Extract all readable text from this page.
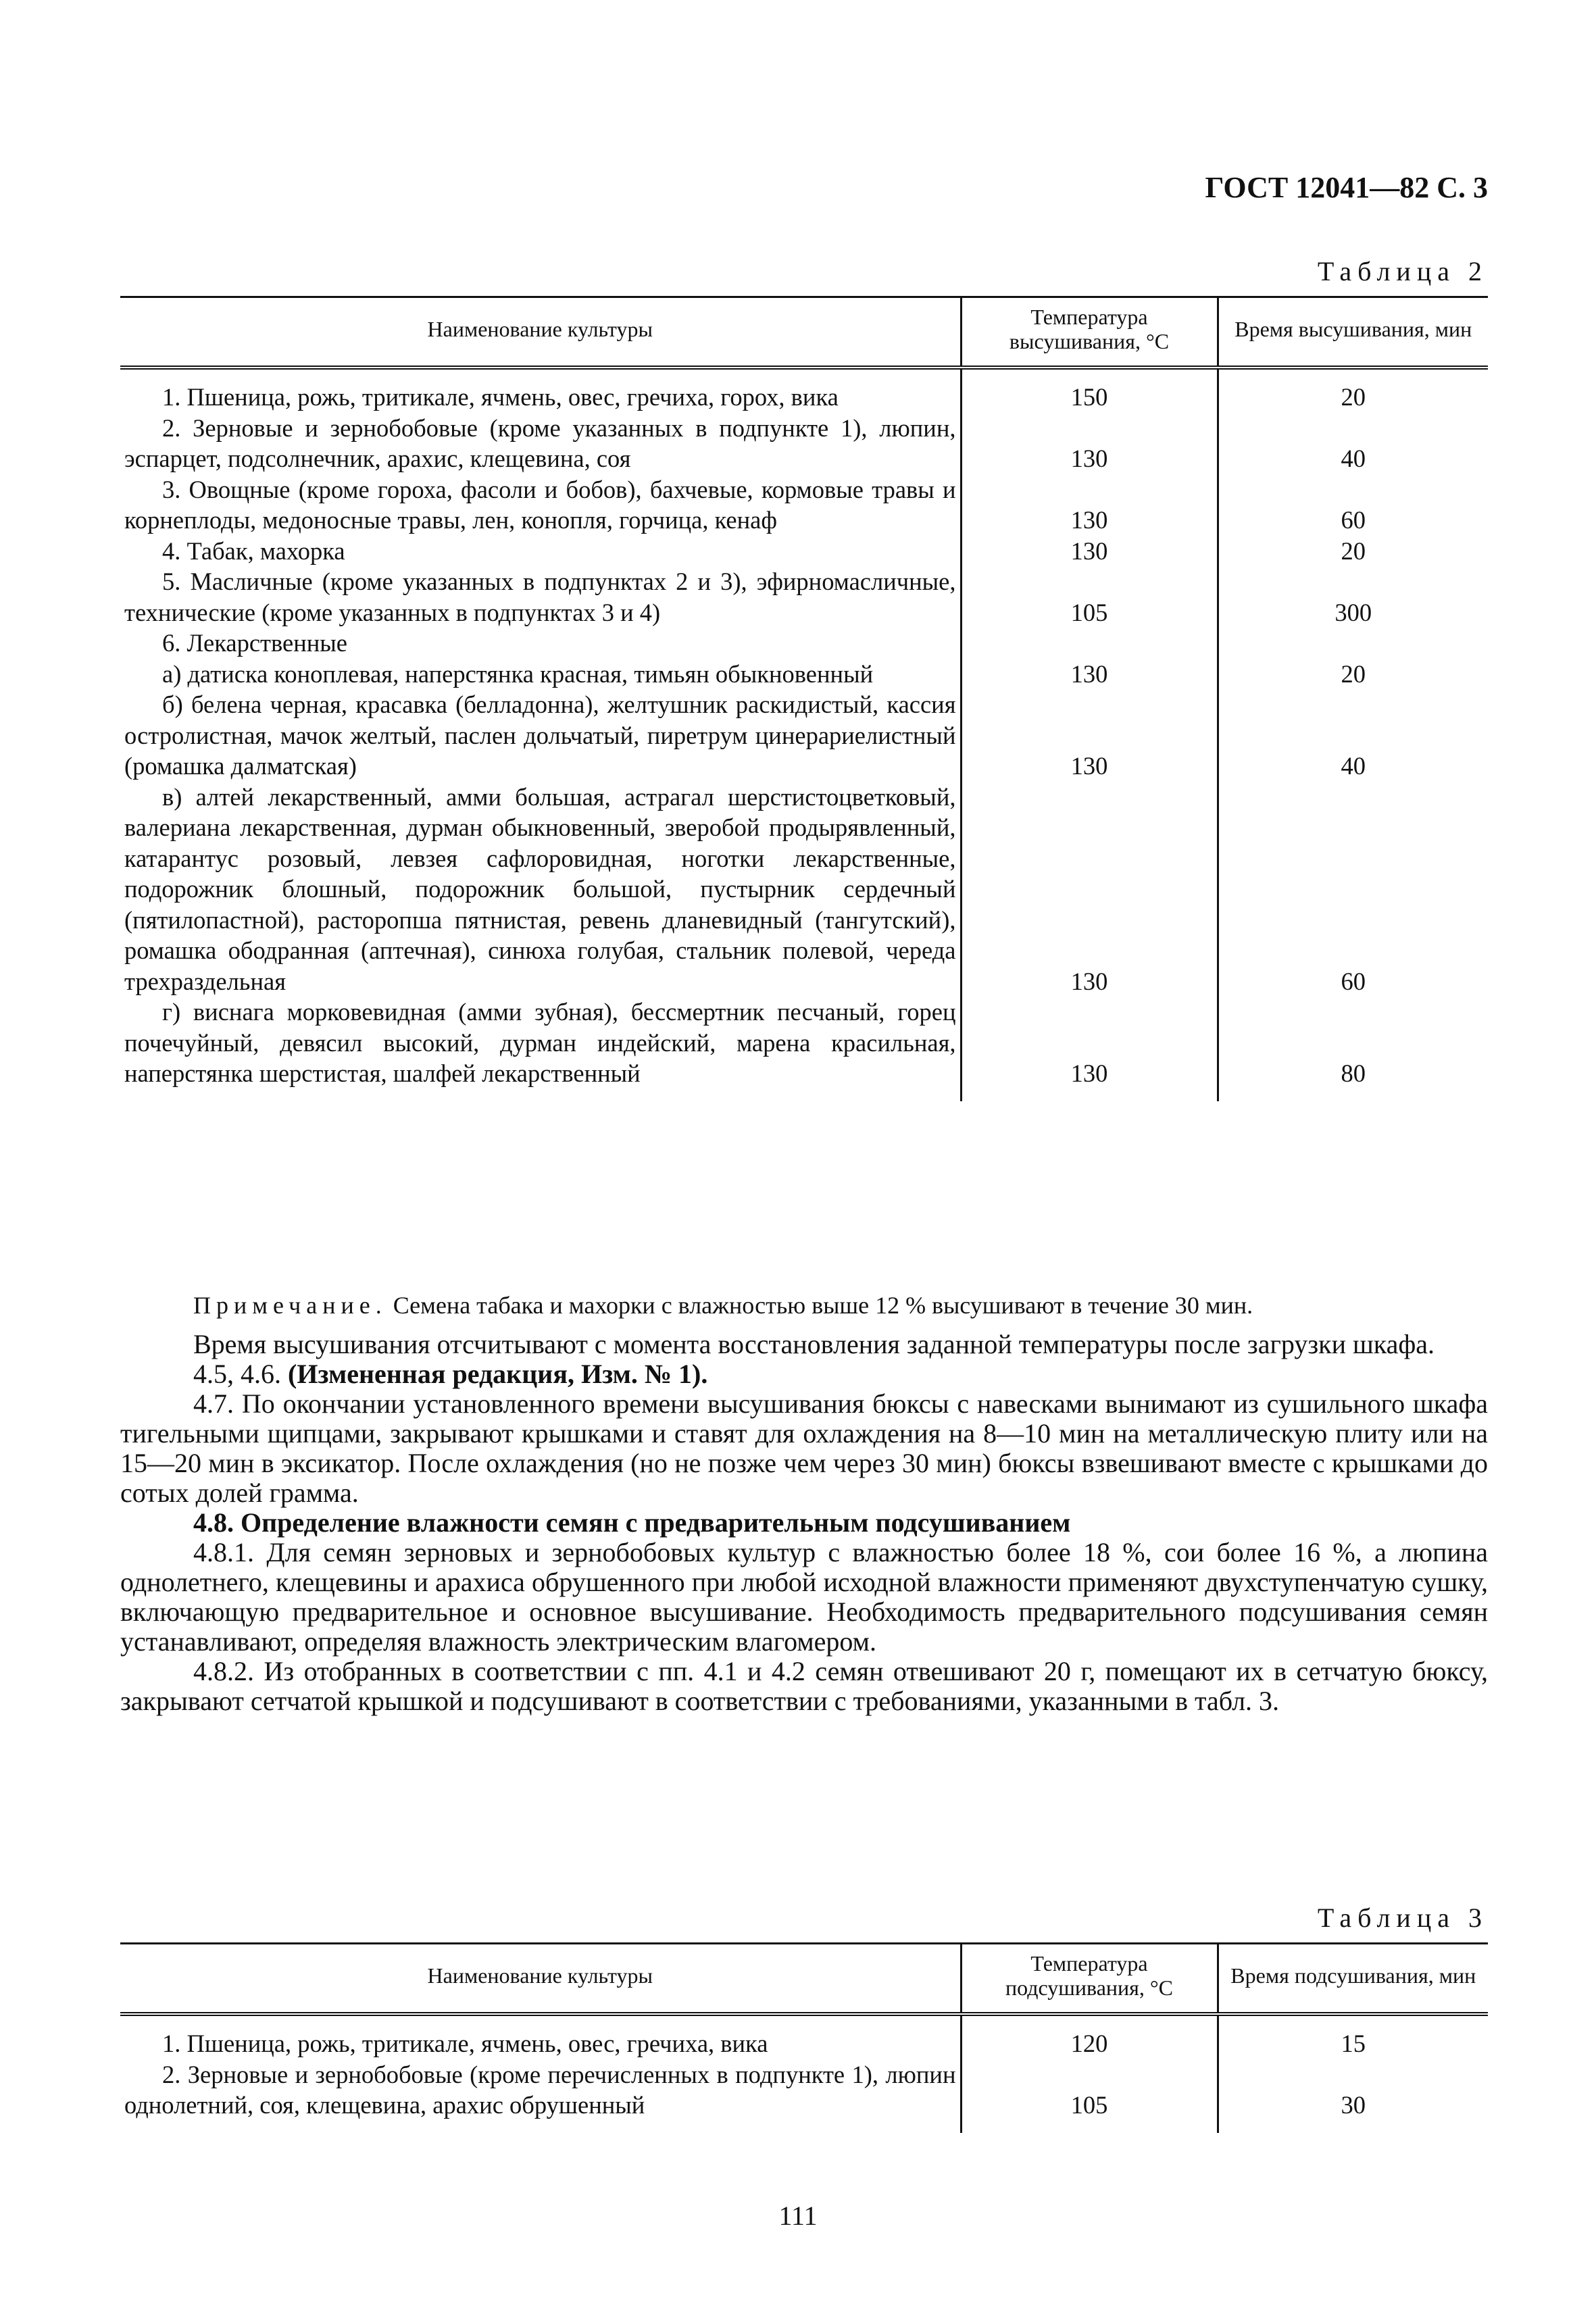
ГОСТ 12041—82 С. 3
Таблица 2
Наименование культуры	Температура высушивания, °С	Время высушивания, мин
1. Пшеница, рожь, тритикале, ячмень, овес, гречиха, горох, вика	150	20
2. Зерновые и зернобобовые (кроме указанных в подпункте 1), люпин, эспарцет, подсолнечник, арахис, клещевина, соя	130	40
3. Овощные (кроме гороха, фасоли и бобов), бахчевые, кормовые травы и корнеплоды, медоносные травы, лен, конопля, горчица, кенаф	130	60
4. Табак, махорка	130	20
5. Масличные (кроме указанных в подпунктах 2 и 3), эфирномасличные, технические (кроме указанных в подпунктах 3 и 4)	105	300
6. Лекарственные		
а) датиска коноплевая, наперстянка красная, тимьян обыкновенный	130	20
б) белена черная, красавка (белладонна), желтушник раскидистый, кассия остролистная, мачок желтый, паслен дольчатый, пиретрум цинерариелистный (ромашка далматская)	130	40
в) алтей лекарственный, амми большая, астрагал шерстистоцветковый, валериана лекарственная, дурман обыкновенный, зверобой продырявленный, катарантус розовый, левзея сафлоровидная, ноготки лекарственные, подорожник блошный, подорожник большой, пустырник сердечный (пятилопастной), расторопша пятнистая, ревень дланевидный (тангутский), ромашка ободранная (аптечная), синюха голубая, стальник полевой, череда трехраздельная	130	60
г) виснага морковевидная (амми зубная), бессмертник песчаный, горец почечуйный, девясил высокий, дурман индейский, марена красильная, наперстянка шерстистая, шалфей лекарственный	130	80

Примечание. Семена табака и махорки с влажностью выше 12 % высушивают в течение 30 мин.

Время высушивания отсчитывают с момента восстановления заданной температуры после загрузки шкафа.

4.5, 4.6. (Измененная редакция, Изм. № 1).

4.7. По окончании установленного времени высушивания бюксы с навесками вынимают из сушильного шкафа тигельными щипцами, закрывают крышками и ставят для охлаждения на 8—10 мин на металлическую плиту или на 15—20 мин в эксикатор. После охлаждения (но не позже чем через 30 мин) бюксы взвешивают вместе с крышками до сотых долей грамма.

4.8. Определение влажности семян с предварительным подсушиванием

4.8.1. Для семян зерновых и зернобобовых культур с влажностью более 18 %, сои более 16 %, а люпина однолетнего, клещевины и арахиса обрушенного при любой исходной влажности применяют двухступенчатую сушку, включающую предварительное и основное высушивание. Необходимость предварительного подсушивания семян устанавливают, определяя влажность электрическим влагомером.

4.8.2. Из отобранных в соответствии с пп. 4.1 и 4.2 семян отвешивают 20 г, помещают их в сетчатую бюксу, закрывают сетчатой крышкой и подсушивают в соответствии с требованиями, указанными в табл. 3.

Таблица 3
Наименование культуры	Температура подсушивания, °С	Время подсушивания, мин
1. Пшеница, рожь, тритикале, ячмень, овес, гречиха, вика	120	15
2. Зерновые и зернобобовые (кроме перечисленных в подпункте 1), люпин однолетний, соя, клещевина, арахис обрушенный	105	30
111
